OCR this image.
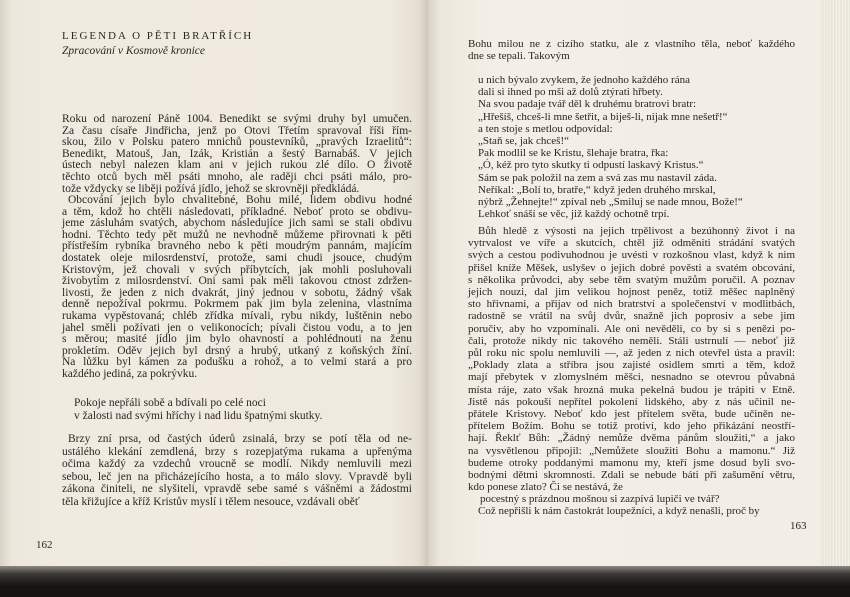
LEGENDA O PĚTI BRATŘÍCH
Zpracování v Kosmově kronice
Roku od narození Páně 1004. Benedikt se svými druhy byl umučen.
Za času císaře Jindřicha, jenž po Otovi Třetím spravoval říši řím-
skou, žilo v Polsku patero mnichů poustevníků, „pravých Izraelitů“:
Benedikt, Matouš, Jan, Izák, Kristián a šestý Barnabáš. V jejich
ústech nebyl nalezen klam ani v jejich rukou zlé dílo. O životě
těchto otců bych měl psáti mnoho, ale raději chci psáti málo, pro-
tože vždycky se liběji požívá jídlo, jehož se skrovněji předkládá.
Obcování jejich bylo chvalitebné, Bohu milé, lidem obdivu hodné
a těm, kdož ho chtěli následovati, příkladné. Neboť proto se obdivu-
jeme zásluhám svatých, abychom následujíce jich sami se stali obdivu
hodni. Těchto tedy pět mužů ne nevhodně můžeme přirovnati k pěti
přístřeším rybníka bravného nebo k pěti moudrým pannám, majícím
dostatek oleje milosrdenství, protože, sami chudi jsouce, chudým
Kristovým, jež chovali v svých příbytcích, jak mohli posluhovali
živobytím z milosrdenství. Oni sami pak měli takovou ctnost zdržen-
livosti, že jeden z nich dvakrát, jiný jednou v sobotu, žádný však
denně nepožíval pokrmu. Pokrmem pak jim byla zelenina, vlastníma
rukama vypěstovaná; chléb zřídka mívali, rybu nikdy, luštěnin nebo
jahel směli požívati jen o velikonocích; pívali čistou vodu, a to jen
s měrou; masité jídlo jim bylo ohavností a pohlédnouti na ženu
prokletím. Oděv jejich byl drsný a hrubý, utkaný z koňských žíní.
Na lůžku byl kámen za podušku a rohož, a to velmi stará a pro
každého jediná, za pokrývku.
Pokoje nepřáli sobě a bdívali po celé noci
v žalosti nad svými hříchy i nad lidu špatnými skutky.
Brzy zní prsa, od častých úderů zsinalá, brzy se potí těla od ne-
ustálého klekání zemdlená, brzy s rozepjatýma rukama a upřenýma
očima každý za vzdechů vroucně se modlí. Nikdy nemluvili mezi
sebou, leč jen na přicházejícího hosta, a to málo slovy. Vpravdě byli
zákona činiteli, ne slyšiteli, vpravdě sebe samé s vášněmi a žádostmi
těla křižujíce a kříž Kristův myslí i tělem nesouce, vzdávali oběť
162
Bohu milou ne z cizího statku, ale z vlastního těla, neboť každého
dne se tepali. Takovým
u nich bývalo zvykem, že jednoho každého rána
dali si ihned po mši až dolů ztýrati hřbety.
Na svou padaje tvář děl k druhému bratrovi bratr:
„Hřešíš, chceš-li mne šetřit, a biješ-li, nijak mne nešetř!“
a ten stoje s metlou odpovídal:
„Staň se, jak chceš!“
Pak modlil se ke Kristu, šlehaje bratra, řka:
„Ó, kéž pro tyto skutky ti odpustí laskavý Kristus.“
Sám se pak položil na zem a svá zas mu nastavil záda.
Neříkal: „Bolí to, bratře,“ když jeden druhého mrskal,
nýbrž „Žehnejte!“ zpíval neb „Smiluj se nade mnou, Bože!“
Lehkoť snáší se věc, již každý ochotně trpí.
Bůh hledě z výsosti na jejich trpělivost a bezúhonný život i na
vytrvalost ve víře a skutcích, chtěl již odměniti strádání svatých
svých a cestou podivuhodnou je uvésti v rozkošnou vlast, když k nim
přišel kníže Měšek, uslyšev o jejich dobré pověsti a svatém obcování,
s několika průvodci, aby sebe těm svatým mužům poručil. A poznav
jejich nouzi, dal jim velikou hojnost peněz, totiž měšec naplněný
sto hřivnami, a přijav od nich bratrství a společenství v modlitbách,
radostně se vrátil na svůj dvůr, snažně jich poprosiv a sebe jim
poručiv, aby ho vzpomínali. Ale oni nevěděli, co by si s penězi po-
čali, protože nikdy nic takového neměli. Stáli ustrnulí — neboť již
půl roku nic spolu nemluvili —, až jeden z nich otevřel ústa a pravil:
„Poklady zlata a stříbra jsou zajisté osidlem smrti a těm, kdož
mají přebytek v zlomyslném měšci, nesnadno se otevrou půvabná
místa ráje, zato však hrozná muka pekelná budou je trápiti v Etně.
Jistě nás pokouší nepřítel pokolení lidského, aby z nás učinil ne-
přátele Kristovy. Neboť kdo jest přítelem světa, bude učiněn ne-
přítelem Božím. Bohu se totiž protiví, kdo jeho přikázání neostří-
hají. Řeklť Bůh: „Žádný nemůže dvěma pánům sloužiti,“ a jako
na vysvětlenou připojil: „Nemůžete sloužiti Bohu a mamonu.“ Již
budeme otroky poddanými mamonu my, kteří jsme dosud byli svo-
bodnými dětmi skromnosti. Zdali se nebude báti při zašumění větru,
kdo ponese zlato? Či se nestává, že
pocestný s prázdnou mošnou si zazpívá lupiči ve tvář?
Což nepřišli k nám častokrát loupežníci, a když nenašli, proč by
163
